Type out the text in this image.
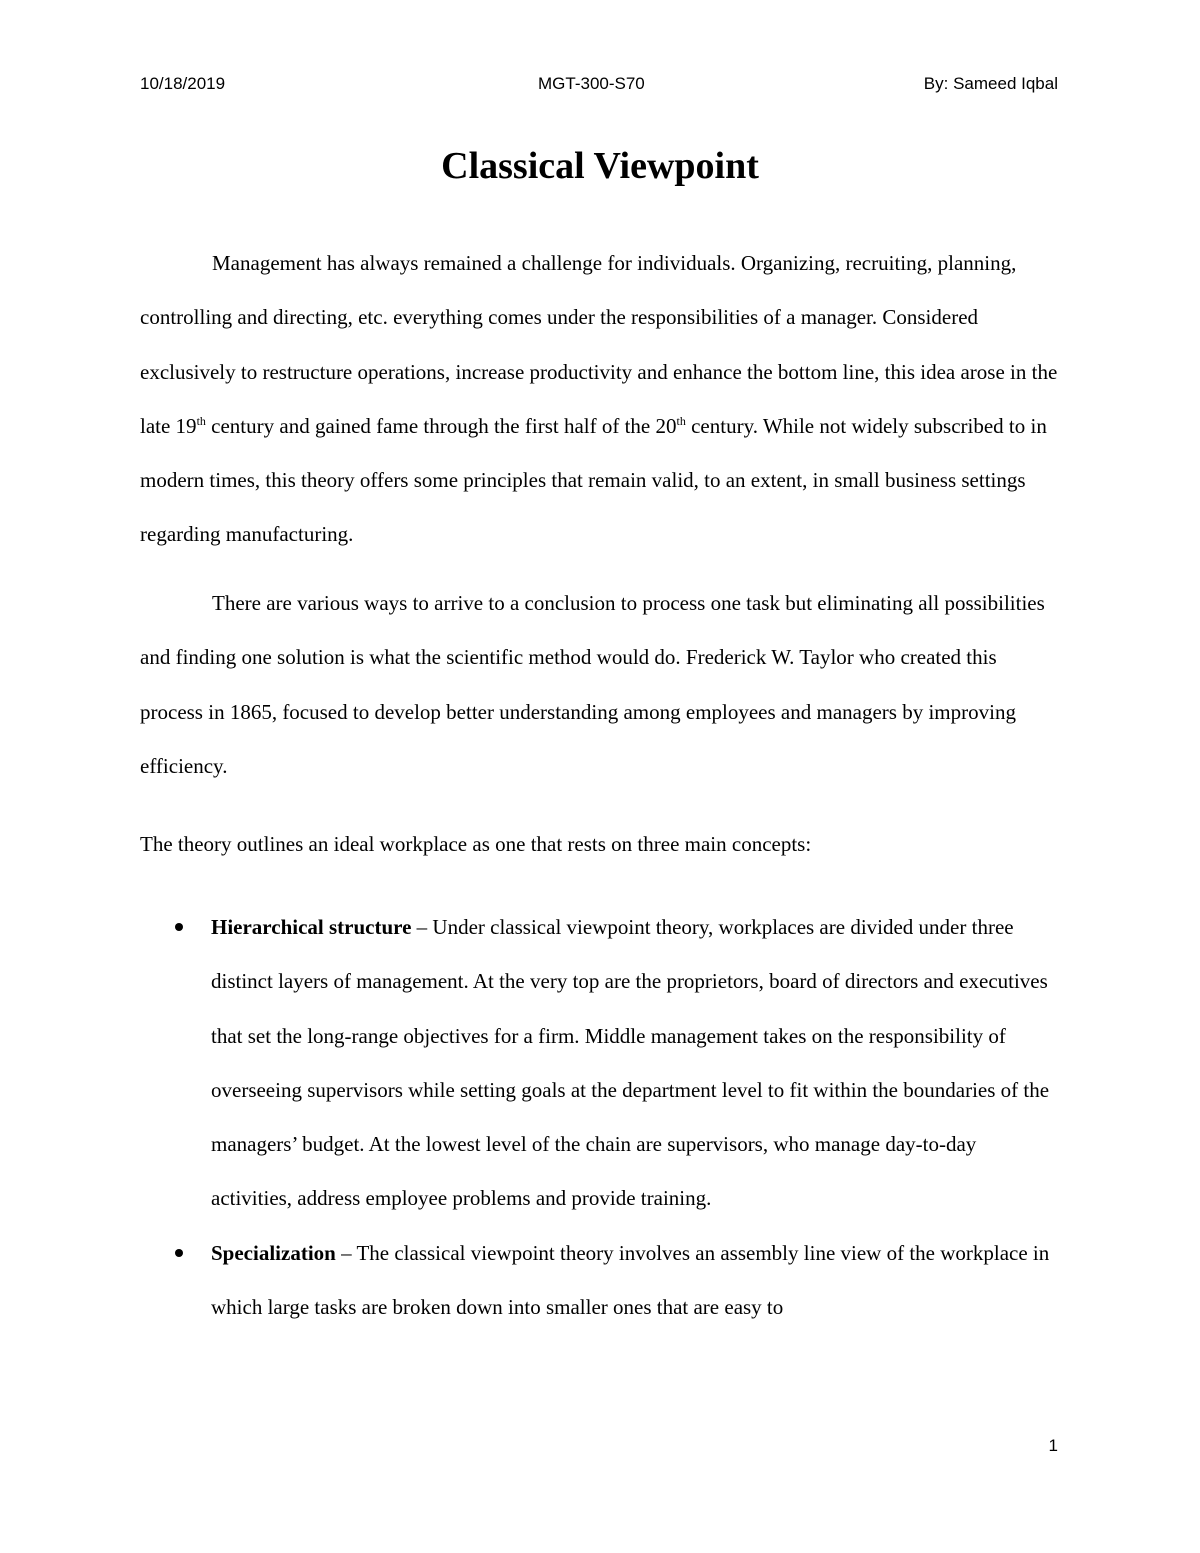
10/18/2019	MGT-300-S70	By: Sameed Iqbal
Classical Viewpoint

Management has always remained a challenge for individuals. Organizing, recruiting, planning, controlling and directing, etc. everything comes under the responsibilities of a manager. Considered exclusively to restructure operations, increase productivity and enhance the bottom line, this idea arose in the late 19th century and gained fame through the first half of the 20th century. While not widely subscribed to in modern times, this theory offers some principles that remain valid, to an extent, in small business settings regarding manufacturing.

There are various ways to arrive to a conclusion to process one task but eliminating all possibilities and finding one solution is what the scientific method would do. Frederick W. Taylor who created this process in 1865, focused to develop better understanding among employees and managers by improving efficiency.

The theory outlines an ideal workplace as one that rests on three main concepts:

Hierarchical structure – Under classical viewpoint theory, workplaces are divided under three distinct layers of management. At the very top are the proprietors, board of directors and executives that set the long-range objectives for a firm. Middle management takes on the responsibility of overseeing supervisors while setting goals at the department level to fit within the boundaries of the managers’ budget. At the lowest level of the chain are supervisors, who manage day-to-day activities, address employee problems and provide training.
Specialization – The classical viewpoint theory involves an assembly line view of the workplace in which large tasks are broken down into smaller ones that are easy to
1
